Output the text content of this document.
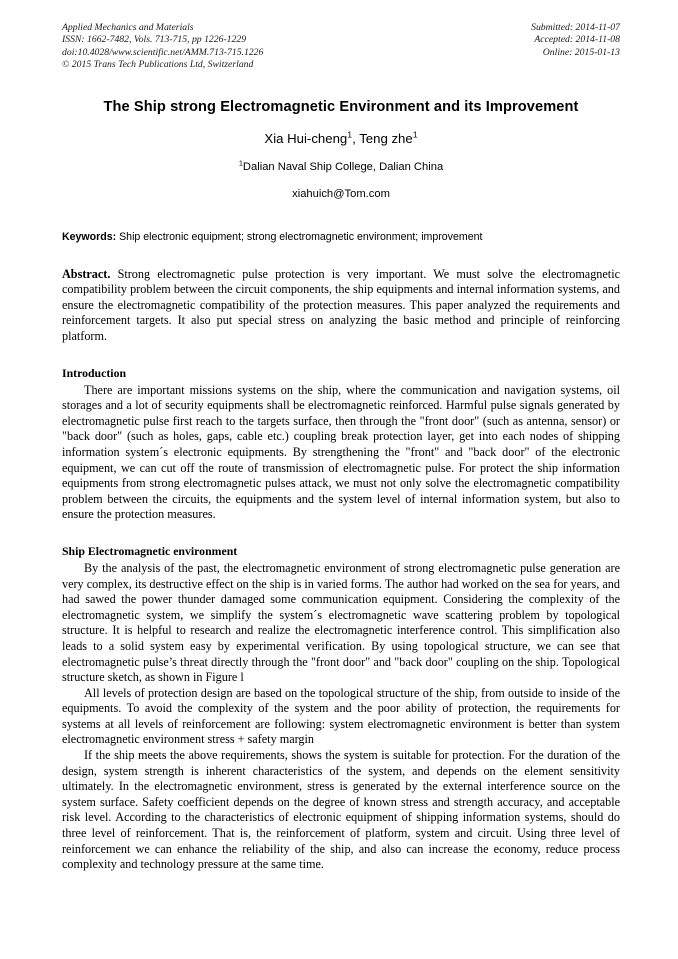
Applied Mechanics and Materials
ISSN: 1662-7482, Vols. 713-715, pp 1226-1229
doi:10.4028/www.scientific.net/AMM.713-715.1226
© 2015 Trans Tech Publications Ltd, Switzerland
Submitted: 2014-11-07
Accepted: 2014-11-08
Online: 2015-01-13
The Ship strong Electromagnetic Environment and its Improvement
Xia Hui-cheng$^1$, Teng zhe$^1$
$^1$Dalian Naval Ship College, Dalian China
xiahuich@Tom.com
Keywords: Ship electronic equipment; strong electromagnetic environment; improvement
Abstract. Strong electromagnetic pulse protection is very important. We must solve the electromagnetic compatibility problem between the circuit components, the ship equipments and internal information systems, and ensure the electromagnetic compatibility of the protection measures. This paper analyzed the requirements and reinforcement targets. It also put special stress on analyzing the basic method and principle of reinforcing platform.
Introduction

There are important missions systems on the ship, where the communication and navigation systems, oil storages and a lot of security equipments shall be electromagnetic reinforced. Harmful pulse signals generated by electromagnetic pulse first reach to the targets surface, then through the "front door" (such as antenna, sensor) or "back door" (such as holes, gaps, cable etc.) coupling break protection layer, get into each nodes of shipping information system´s electronic equipments. By strengthening the "front" and "back door" of the electronic equipment, we can cut off the route of transmission of electromagnetic pulse. For protect the ship information equipments from strong electromagnetic pulses attack, we must not only solve the electromagnetic compatibility problem between the circuits, the equipments and the system level of internal information system, but also to ensure the protection measures.

Ship Electromagnetic environment

By the analysis of the past, the electromagnetic environment of strong electromagnetic pulse generation are very complex, its destructive effect on the ship is in varied forms. The author had worked on the sea for years, and had sawed the power thunder damaged some communication equipment. Considering the complexity of the electromagnetic system, we simplify the system´s electromagnetic wave scattering problem by topological structure. It is helpful to research and realize the electromagnetic interference control. This simplification also leads to a solid system easy by experimental verification. By using topological structure, we can see that electromagnetic pulse’s threat directly through the "front door" and "back door" coupling on the ship. Topological structure sketch, as shown in Figure l

All levels of protection design are based on the topological structure of the ship, from outside to inside of the equipments. To avoid the complexity of the system and the poor ability of protection, the requirements for systems at all levels of reinforcement are following: system electromagnetic environment is better than system electromagnetic environment stress + safety margin

If the ship meets the above requirements, shows the system is suitable for protection. For the duration of the design, system strength is inherent characteristics of the system, and depends on the element sensitivity ultimately. In the electromagnetic environment, stress is generated by the external interference source on the system surface. Safety coefficient depends on the degree of known stress and strength accuracy, and acceptable risk level. According to the characteristics of electronic equipment of shipping information systems, should do three level of reinforcement. That is, the reinforcement of platform, system and circuit. Using three level of reinforcement we can enhance the reliability of the ship, and also can increase the economy, reduce process complexity and technology pressure at the same time.
